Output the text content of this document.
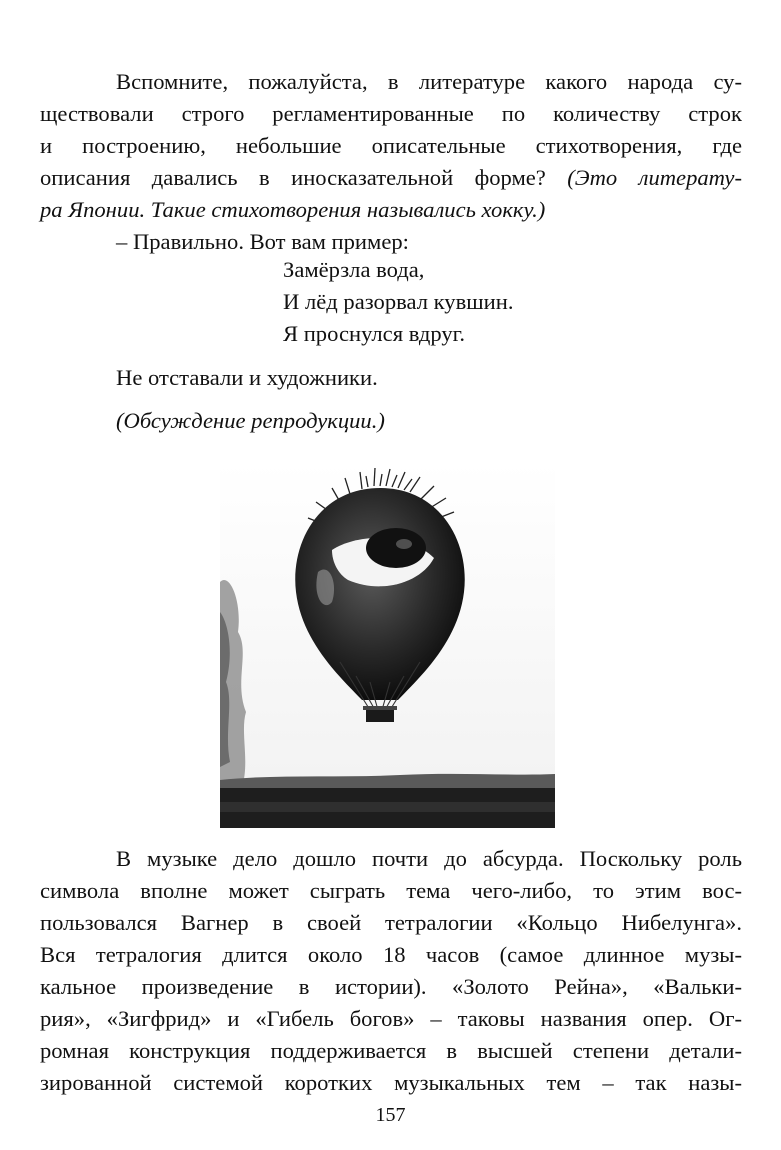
Вспомните, пожалуйста, в литературе какого народа су-
ществовали строго регламентированные по количеству строк
и построению, небольшие описательные стихотворения, где
описания давались в иносказательной форме? (Это литерату-
ра Японии. Такие стихотворения назывались хокку.)
– Правильно. Вот вам пример:
Замёрзла вода,
И лёд разорвал кувшин.
Я проснулся вдруг.
Не отставали и художники.
(Обсуждение репродукции.)
В музыке дело дошло почти до абсурда. Поскольку роль
символа вполне может сыграть тема чего-либо, то этим вос-
пользовался Вагнер в своей тетралогии «Кольцо Нибелунга».
Вся тетралогия длится около 18 часов (самое длинное музы-
кальное произведение в истории). «Золото Рейна», «Вальки-
рия», «Зигфрид» и «Гибель богов» – таковы названия опер. Ог-
ромная конструкция поддерживается в высшей степени детали-
зированной системой коротких музыкальных тем – так назы-
157
